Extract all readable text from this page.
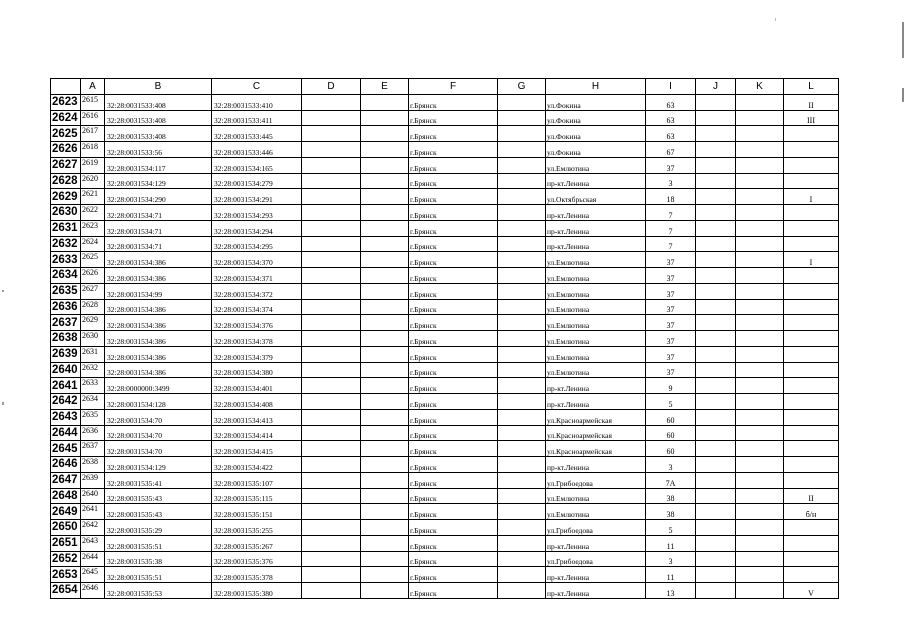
	A	B	C	D	E	F	G	H	I	J	K	L
2623	2615	32:28:0031533:408	32:28:0031533:410			г.Брянск		ул.Фокина	63			II
2624	2616	32:28:0031533:408	32:28:0031533:411			г.Брянск		ул.Фокина	63			III
2625	2617	32:28:0031533:408	32:28:0031533:445			г.Брянск		ул.Фокина	63			
2626	2618	32:28:0031533:56	32:28:0031533:446			г.Брянск		ул.Фокина	67			
2627	2619	32:28:0031534:117	32:28:0031534:165			г.Брянск		ул.Емлютина	37			
2628	2620	32:28:0031534:129	32:28:0031534:279			г.Брянск		пр-кт.Ленина	3			
2629	2621	32:28:0031534:290	32:28:0031534:291			г.Брянск		ул.Октябрьская	18			I
2630	2622	32:28:0031534:71	32:28:0031534:293			г.Брянск		пр-кт.Ленина	7			
2631	2623	32:28:0031534:71	32:28:0031534:294			г.Брянск		пр-кт.Ленина	7			
2632	2624	32:28:0031534:71	32:28:0031534:295			г.Брянск		пр-кт.Ленина	7			
2633	2625	32:28:0031534:386	32:28:0031534:370			г.Брянск		ул.Емлютина	37			I
2634	2626	32:28:0031534:386	32:28:0031534:371			г.Брянск		ул.Емлютина	37			
2635	2627	32:28:0031534:99	32:28:0031534:372			г.Брянск		ул.Емлютина	37			
2636	2628	32:28:0031534:386	32:28:0031534:374			г.Брянск		ул.Емлютина	37			
2637	2629	32:28:0031534:386	32:28:0031534:376			г.Брянск		ул.Емлютина	37			
2638	2630	32:28:0031534:386	32:28:0031534:378			г.Брянск		ул.Емлютина	37			
2639	2631	32:28:0031534:386	32:28:0031534:379			г.Брянск		ул.Емлютина	37			
2640	2632	32:28:0031534:386	32:28:0031534:380			г.Брянск		ул.Емлютина	37			
2641	2633	32:28:0000000:3499	32:28:0031534:401			г.Брянск		пр-кт.Ленина	9			
2642	2634	32:28:0031534:128	32:28:0031534:408			г.Брянск		пр-кт.Ленина	5			
2643	2635	32:28:0031534:70	32:28:0031534:413			г.Брянск		ул.Красноармейская	60			
2644	2636	32:28:0031534:70	32:28:0031534:414			г.Брянск		ул.Красноармейская	60			
2645	2637	32:28:0031534:70	32:28:0031534:415			г.Брянск		ул.Красноармейская	60			
2646	2638	32:28:0031534:129	32:28:0031534:422			г.Брянск		пр-кт.Ленина	3			
2647	2639	32:28:0031535:41	32:28:0031535:107			г.Брянск		ул.Грибоедова	7А			
2648	2640	32:28:0031535:43	32:28:0031535:115			г.Брянск		ул.Емлютина	38			II
2649	2641	32:28:0031535:43	32:28:0031535:151			г.Брянск		ул.Емлютина	38			б/н
2650	2642	32:28:0031535:29	32:28:0031535:255			г.Брянск		ул.Грибоедова	5			
2651	2643	32:28:0031535:51	32:28:0031535:267			г.Брянск		пр-кт.Ленина	11			
2652	2644	32:28:0031535:38	32:28:0031535:376			г.Брянск		ул.Грибоедова	3			
2653	2645	32:28:0031535:51	32:28:0031535:378			г.Брянск		пр-кт.Ленина	11			
2654	2646	32:28:0031535:53	32:28:0031535:380			г.Брянск		пр-кт.Ленина	13			V
